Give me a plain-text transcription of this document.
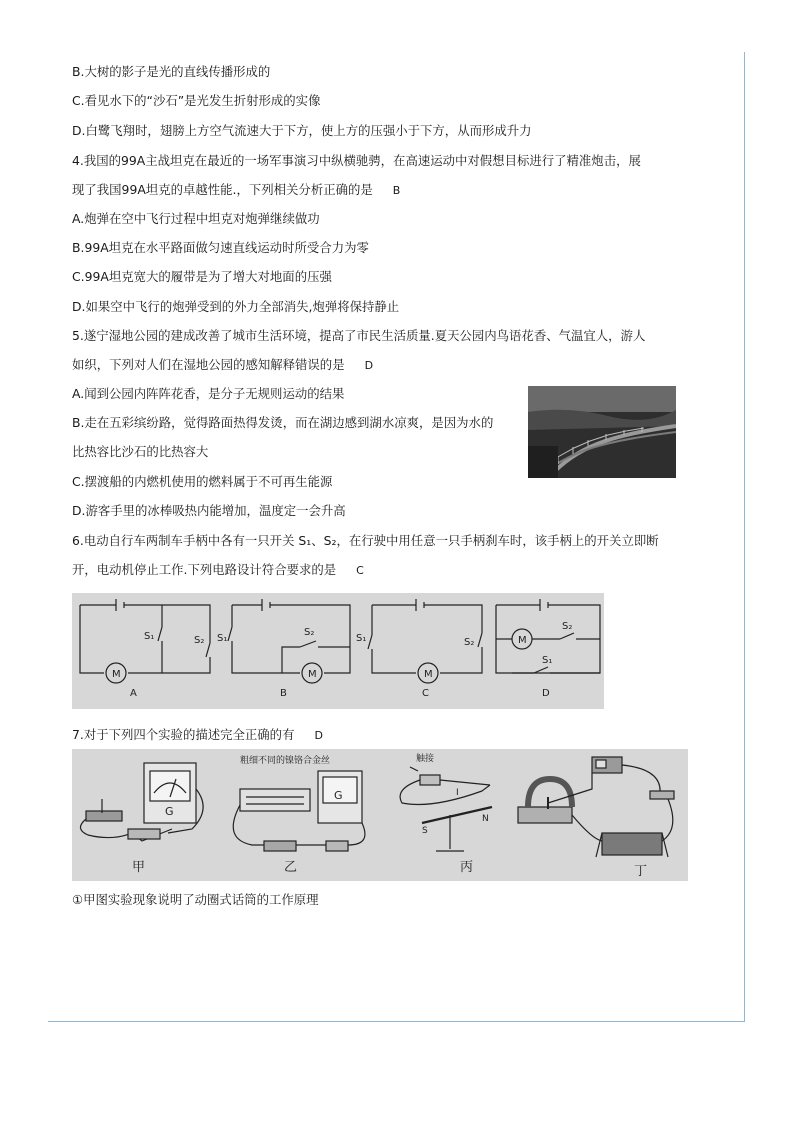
B.大树的影子是光的直线传播形成的
C.看见水下的“沙石”是光发生折射形成的实像
D.白鹭飞翔时，翅膀上方空气流速大于下方，使上方的压强小于下方，从而形成升力
4.我国的99A主战坦克在最近的一场军事演习中纵横驰骋，在高速运动中对假想目标进行了精准炮击，展
现了我国99A坦克的卓越性能.，下列相关分析正确的是 B
A.炮弹在空中飞行过程中坦克对炮弹继续做功
B.99A坦克在水平路面做匀速直线运动时所受合力为零
C.99A坦克宽大的履带是为了增大对地面的压强
D.如果空中飞行的炮弹受到的外力全部消失,炮弹将保持静止
5.遂宁湿地公园的建成改善了城市生活环境，提高了市民生活质量.夏天公园内鸟语花香、气温宜人，游人
如织，下列对人们在湿地公园的感知解释错误的是 D
A.闻到公园内阵阵花香，是分子无规则运动的结果
B.走在五彩缤纷路，觉得路面热得发烫，而在湖边感到湖水凉爽，是因为水的
比热容比沙石的比热容大
C.摆渡船的内燃机使用的燃料属于不可再生能源
D.游客手里的冰棒吸热内能增加，温度定一会升高
6.电动自行车两制车手柄中各有一只开关 S₁、S₂，在行驶中用任意一只手柄刹车时，该手柄上的开关立即断
开，电动机停止工作.下列电路设计符合要求的是 C
M
S₁	S₂
A
M
S₁
S₂
B
M
S₁	S₂
C
M
S₂
S₁
D
7.对于下列四个实验的描述完全正确的有 D
G
甲
粗细不同的镍铬合金丝
G
乙
触接
I
S
N
丙	丁
①甲图实验现象说明了动圈式话筒的工作原理
